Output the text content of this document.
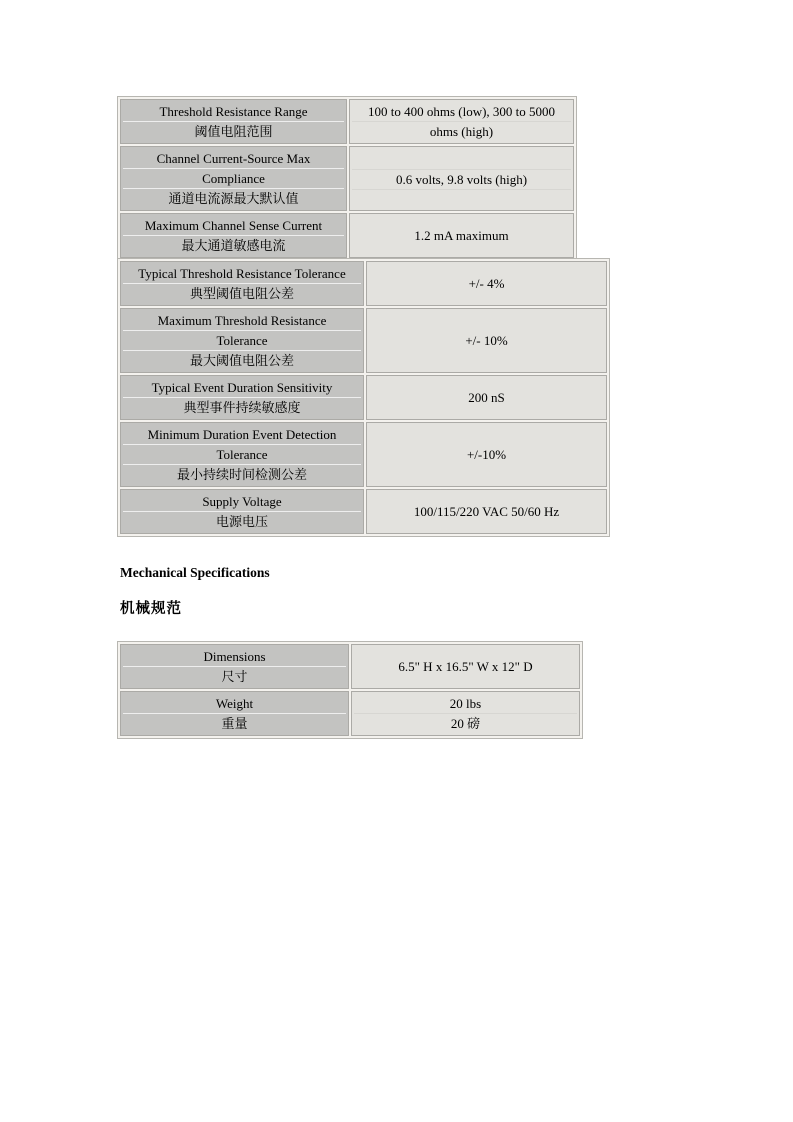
Threshold Resistance Range
阈值电阻范围
100 to 400 ohms (low), 300 to 5000
ohms (high)
Channel Current-Source Max
Compliance
通道电流源最大默认值
0.6 volts, 9.8 volts (high)
Maximum Channel Sense Current
最大通道敏感电流
1.2 mA maximum
Typical Threshold Resistance Tolerance
典型阈值电阻公差
+/- 4%
Maximum Threshold Resistance
Tolerance
最大阈值电阻公差
+/- 10%
Typical Event Duration Sensitivity
典型事件持续敏感度
200 nS
Minimum Duration Event Detection
Tolerance
最小持续时间检测公差
+/-10%
Supply Voltage
电源电压
100/115/220 VAC 50/60 Hz
Mechanical Specifications
机械规范
Dimensions
尺寸
6.5" H x 16.5" W x 12" D
Weight
重量
20 lbs
20 磅
